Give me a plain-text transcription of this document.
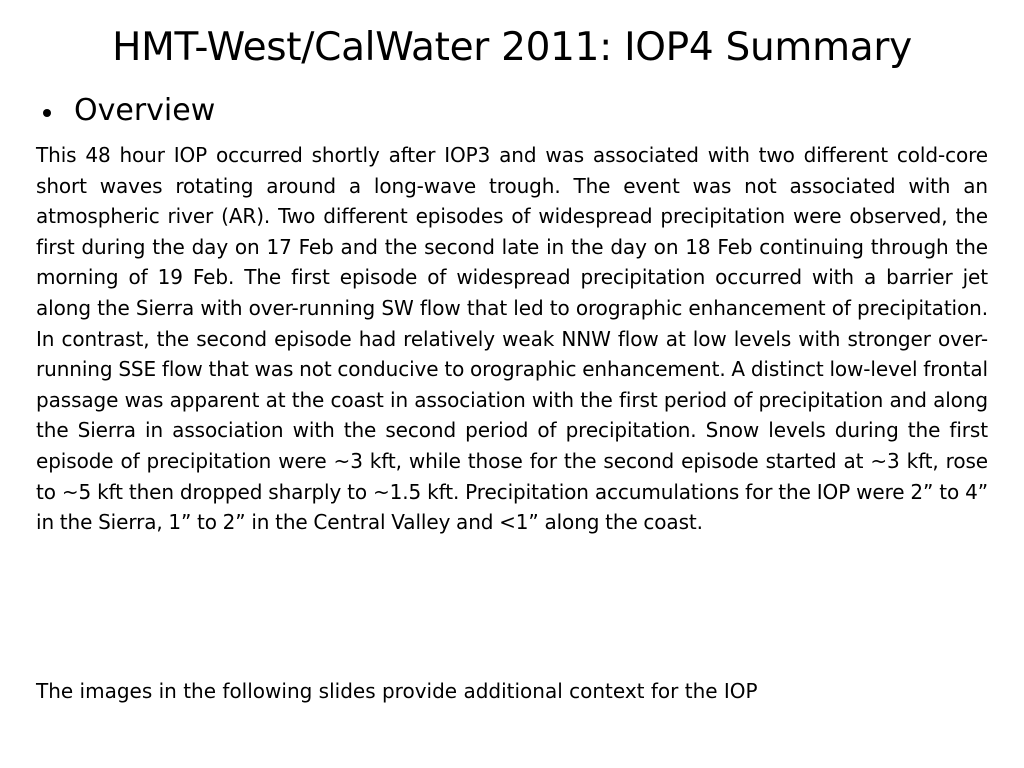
HMT-West/CalWater 2011: IOP4 Summary
Overview

This 48 hour IOP occurred shortly after IOP3 and was associated with two different cold-core short waves rotating around a long-wave trough. The event was not associated with an atmospheric river (AR). Two different episodes of widespread precipitation were observed, the first during the day on 17 Feb and the second late in the day on 18 Feb continuing through the morning of 19 Feb. The first episode of widespread precipitation occurred with a barrier jet along the Sierra with over-running SW flow that led to orographic enhancement of precipitation. In contrast, the second episode had relatively weak NNW flow at low levels with stronger over-running SSE flow that was not conducive to orographic enhancement. A distinct low-level frontal passage was apparent at the coast in association with the first period of precipitation and along the Sierra in association with the second period of precipitation. Snow levels during the first episode of precipitation were ~3 kft, while those for the second episode started at ~3 kft, rose to ~5 kft then dropped sharply to ~1.5 kft. Precipitation accumulations for the IOP were 2” to 4” in the Sierra, 1” to 2” in the Central Valley and <1” along the coast.

The images in the following slides provide additional context for the IOP
